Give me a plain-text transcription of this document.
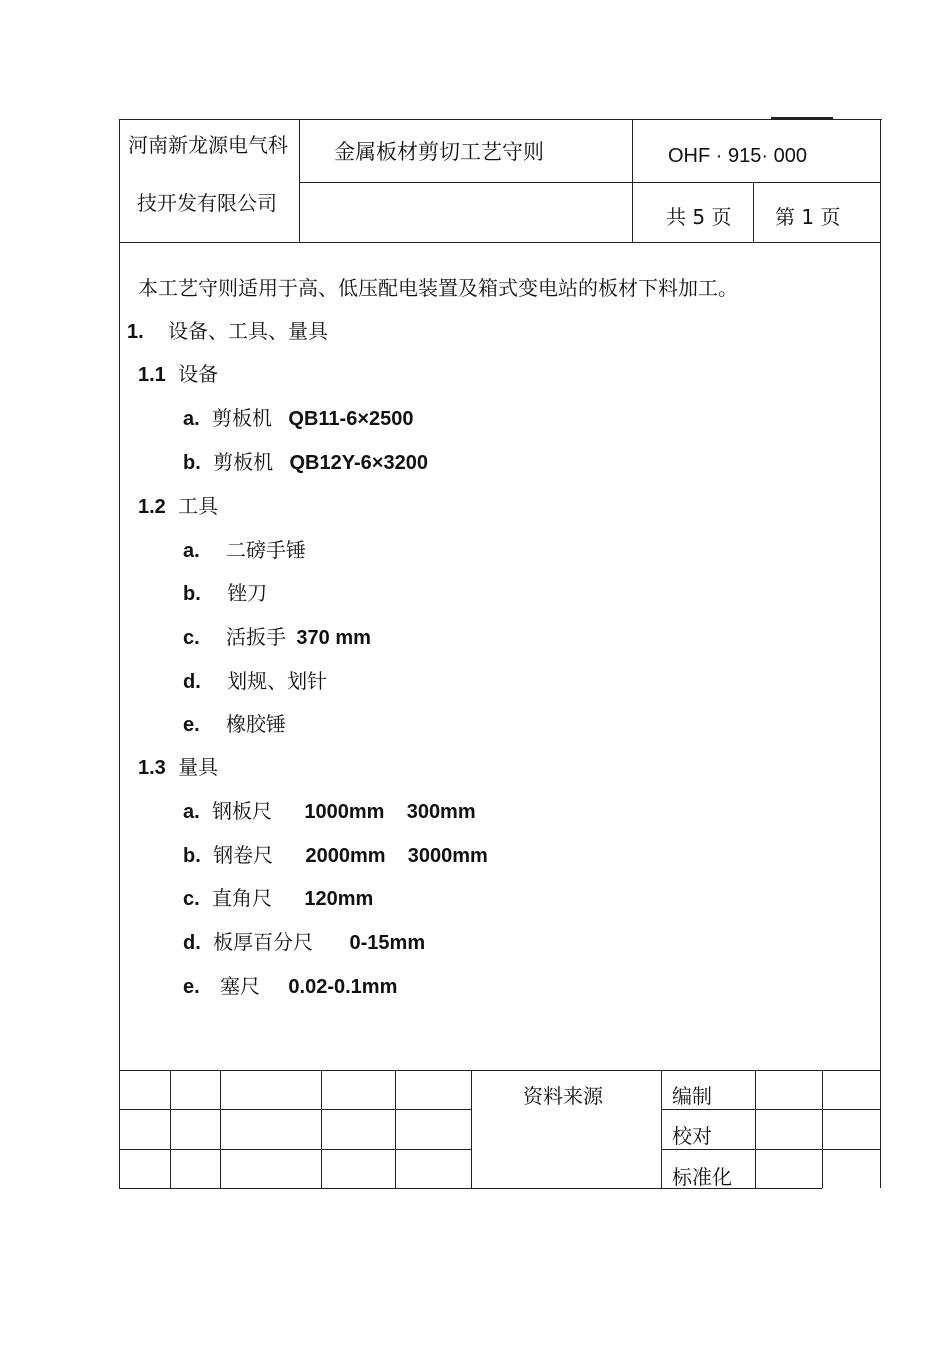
河南新龙源电气科
技开发有限公司
金属板材剪切工艺守则	OHF · 915· 000
共 5 页 第 1 页
本工艺守则适用于高、低压配电装置及箱式变电站的板材下料加工。
1. 设备、工具、量具
1.1 设备
a. 剪板机 QB11-6×2500
b. 剪板机 QB12Y-6×3200
1.2 工具
a. 二磅手锤
b. 锉刀
c. 活扳手 370 mm
d. 划规、划针
e. 橡胶锤
1.3 量具
a. 钢板尺 1000mm    300mm
b. 钢卷尺 2000mm    3000mm
c. 直角尺 120mm
d. 板厚百分尺 0-15mm
e. 塞尺 0.02-0.1mm
资料来源	编制
校对
标准化
